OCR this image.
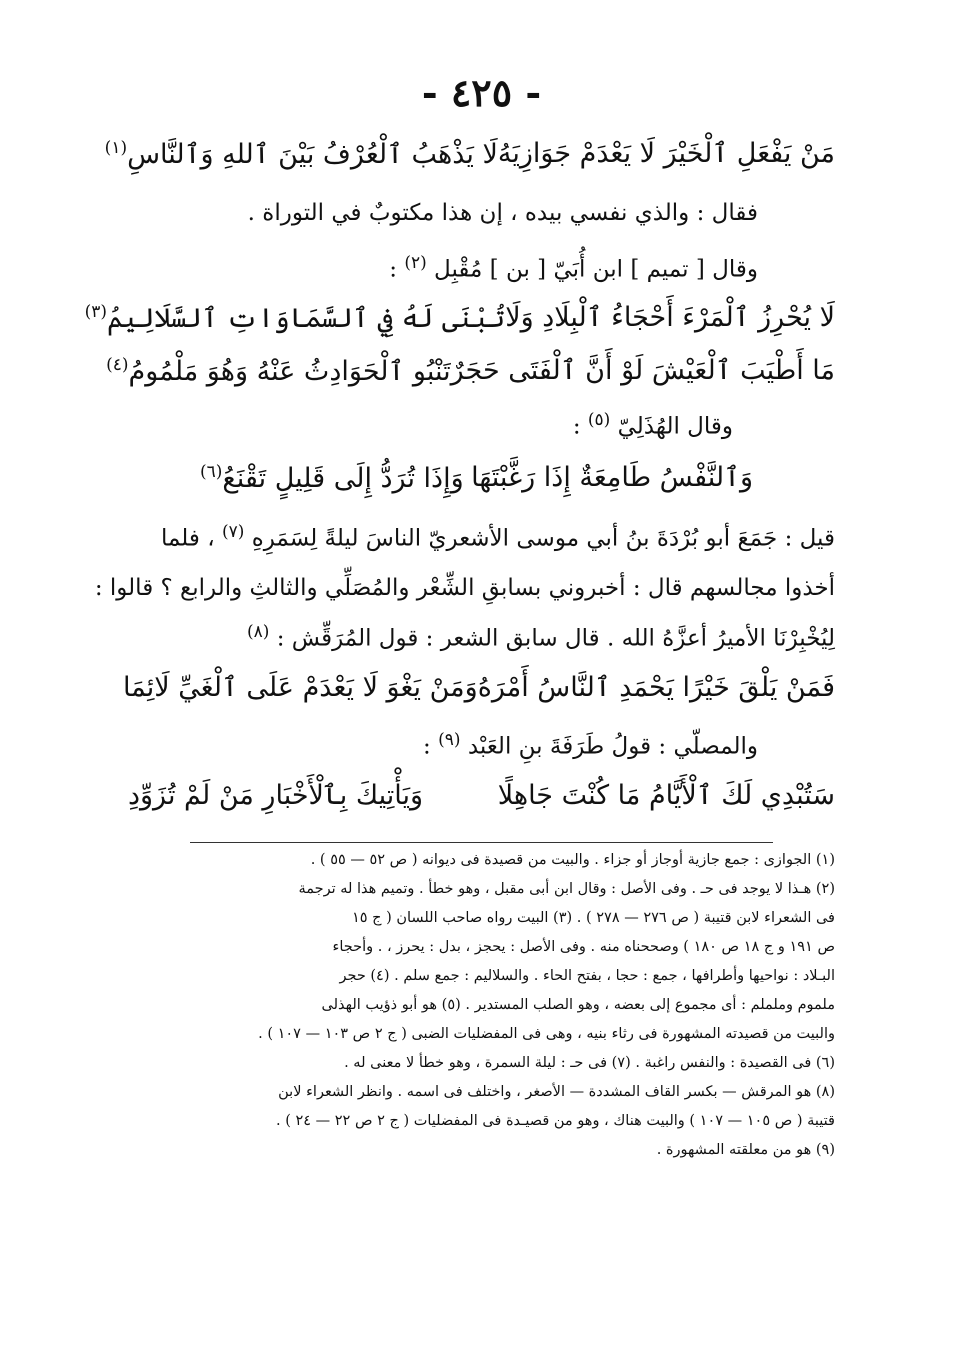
- ٤٢٥ -
مَنْ يَفْعَلِ ٱلْخَيْرَ لَا يَعْدَمْ جَوَازِيَهُ
لَا يَذْهَبُ ٱلْعُرْفُ بَيْنَ ٱللهِ وَٱلنَّاسِ$^{(١)}$
فقال : والذي نفسي بيده ، إن هذا مكتوبٌ في التوراة .
وقال [ تميم ] ابن أُبَيّ [ بن ] مُقْبِل $^{(٢)}$ :
لَا يُحْرِزُ ٱلْمَرْءَ أَحْجَاءُ ٱلْبِلَادِ وَلَا
تُبْنَى لَهُ فِي ٱلسَّمَاوَاتِ ٱلسَّلَالِيمُ$^{(٣)}$
مَا أَطْيَبَ ٱلْعَيْشَ لَوْ أَنَّ ٱلْفَتَى حَجَرٌ
تَنْبُو ٱلْحَوَادِثُ عَنْهُ وَهُوَ مَلْمُومُ$^{(٤)}$
وقال الهُذَلِيّ $^{(٥)}$ :
وَٱلنَّفْسُ طَامِعَةٌ إِذَا رَغَّبْتَهَا
وَإِذَا تُرَدُّ إِلَى قَلِيلٍ تَقْنَعُ$^{(٦)}$
قيل : جَمَعَ أبو بُرْدَةَ بنُ أبي موسى الأشعريّ الناسَ ليلةً لِسَمَرِهِ $^{(٧)}$ ، فلما
أخذوا مجالسهم قال : أخبروني بسابقِ الشِّعْر والمُصَلِّي والثالثِ والرابع ؟ قالوا :
لِيُخْبِرْنَا الأميرُ أعزَّهُ الله . قال سابق الشعر : قول المُرَقِّش : $^{(٨)}$
فَمَنْ يَلْقَ خَيْرًا يَحْمَدِ ٱلنَّاسُ أَمْرَهُ
وَمَنْ يَغْوَ لَا يَعْدَمْ عَلَى ٱلْغَيِّ لَائِمَا
والمصلّي : قولُ طَرَفَةَ بنِ العَبْد $^{(٩)}$ :
سَتُبْدِي لَكَ ٱلْأَيَّامُ مَا كُنْتَ جَاهِلًا
وَيَأْتِيكَ بِٱلْأَخْبَارِ مَنْ لَمْ تُزَوِّدِ
(١) الجوازى : جمع جازية أوجاز أو جزاء . والبيت من قصيدة فى ديوانه ( ص ٥٢ — ٥٥ ) .
(٢) هـذا لا يوجد فى حـ . وفى الأصل : وقال ابن أبى مقبل ، وهو خطأ . وتميم هذا له ترجمة
فى الشعراء لابن قتيبة ( ص ٢٧٦ — ٢٧٨ ) . (٣) البيت رواه صاحب اللسان ( ج ١٥
ص ١٩١ و ج ١٨ ص ١٨٠ ) وصححناه منه . وفى الأصل : يحجز ، بدل : يحرز ، . وأحجاء
البـلاد : نواحيها وأطرافها ، جمع : حجا ، بفتح الحاء . والسلاليم : جمع سلم . (٤) حجر
ملموم وململم : أى مجموع إلى بعضه ، وهو الصلب المستدير . (٥) هو أبو ذؤيب الهذلى
والبيت من قصيدته المشهورة فى رثاء بنيه ، وهى فى المفضليات الضبى ( ج ٢ ص ١٠٣ — ١٠٧ ) .
(٦) فى القصيدة : والنفس راغبة . (٧) فى حـ : ليلة السمرة ، وهو خطأ لا معنى له .
(٨) هو المرقش — بكسر القاف المشددة — الأصغر ، واختلف فى اسمه . وانظر الشعراء لابن
قتيبة ( ص ١٠٥ — ١٠٧ ) والبيت هناك ، وهو من قصيـدة فى المفضليات ( ج ٢ ص ٢٢ — ٢٤ ) .
(٩) هو من معلقته المشهورة .
